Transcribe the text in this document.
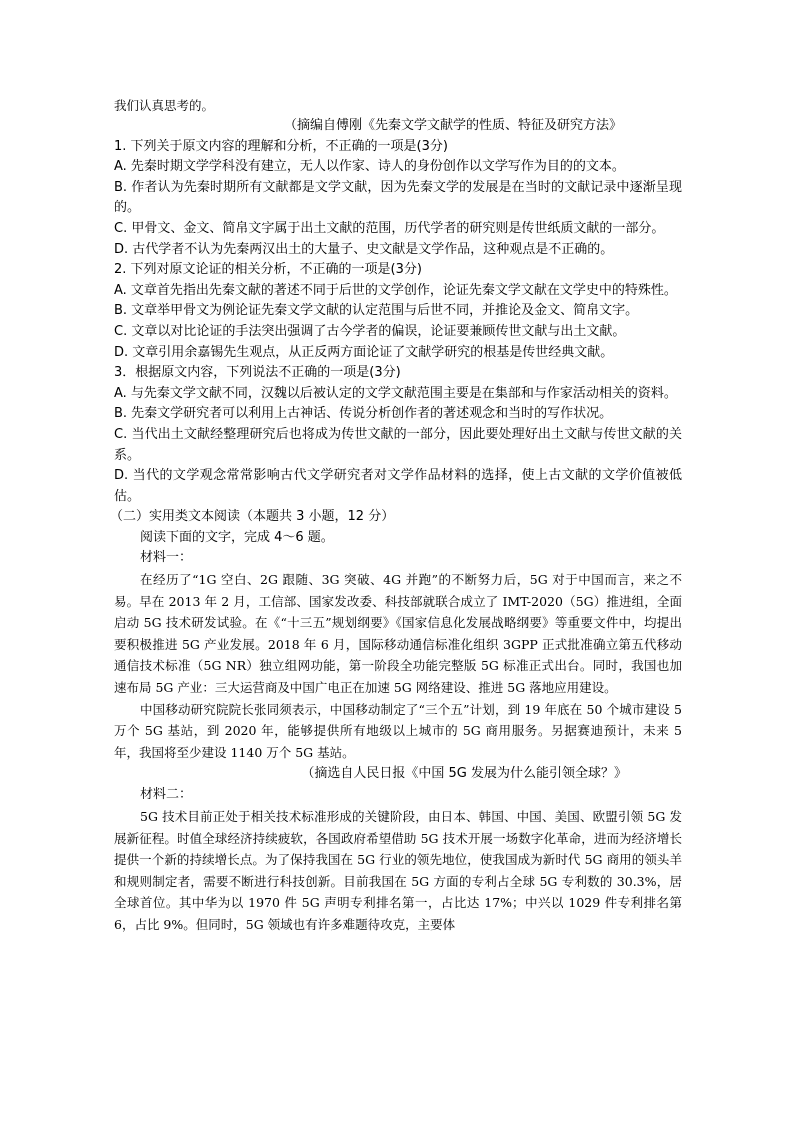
我们认真思考的。

（摘编自傅刚《先秦文学文献学的性质、特征及研究方法》

1. 下列关于原文内容的理解和分析，不正确的一项是(3分)

A. 先秦时期文学学科没有建立，无人以作家、诗人的身份创作以文学写作为目的的文本。

B. 作者认为先秦时期所有文献都是文学文献，因为先秦文学的发展是在当时的文献记录中逐渐呈现的。

C. 甲骨文、金文、简帛文字属于出土文献的范围，历代学者的研究则是传世纸质文献的一部分。

D. 古代学者不认为先秦两汉出土的大量子、史文献是文学作品，这种观点是不正确的。

2. 下列对原文论证的相关分析，不正确的一项是(3分)

A. 文章首先指出先秦文献的著述不同于后世的文学创作，论证先秦文学文献在文学史中的特殊性。

B. 文章举甲骨文为例论证先秦文学文献的认定范围与后世不同，并推论及金文、简帛文字。

C. 文章以对比论证的手法突出强调了古今学者的偏误，论证要兼顾传世文献与出土文献。

D. 文章引用余嘉锡先生观点，从正反两方面论证了文献学研究的根基是传世经典文献。

3．根据原文内容，下列说法不正确的一项是(3分)

A. 与先秦文学文献不同，汉魏以后被认定的文学文献范围主要是在集部和与作家活动相关的资料。

B. 先秦文学研究者可以利用上古神话、传说分析创作者的著述观念和当时的写作状况。

C. 当代出土文献经整理研究后也将成为传世文献的一部分，因此要处理好出土文献与传世文献的关系。

D. 当代的文学观念常常影响古代文学研究者对文学作品材料的选择，使上古文献的文学价值被低估。

（二）实用类文本阅读（本题共 3 小题，12 分）

阅读下面的文字，完成 4～6 题。

材料一：

在经历了“1G 空白、2G 跟随、3G 突破、4G 并跑”的不断努力后，5G 对于中国而言，来之不易。早在 2013 年 2 月，工信部、国家发改委、科技部就联合成立了 IMT-2020（5G）推进组，全面启动 5G 技术研发试验。在《“十三五”规划纲要》《国家信息化发展战略纲要》等重要文件中，均提出要积极推进 5G 产业发展。2018 年 6 月，国际移动通信标准化组织 3GPP 正式批准确立第五代移动通信技术标准（5G NR）独立组网功能，第一阶段全功能完整版 5G 标准正式出台。同时，我国也加速布局 5G 产业：三大运营商及中国广电正在加速 5G 网络建设、推进 5G 落地应用建设。

中国移动研究院院长张同须表示，中国移动制定了“三个五”计划，到 19 年底在 50 个城市建设 5 万个 5G 基站，到 2020 年，能够提供所有地级以上城市的 5G 商用服务。另据赛迪预计，未来 5 年，我国将至少建设 1140 万个 5G 基站。

（摘选自人民日报《中国 5G 发展为什么能引领全球？》

材料二：

5G 技术目前正处于相关技术标准形成的关键阶段，由日本、韩国、中国、美国、欧盟引领 5G 发展新征程。时值全球经济持续疲软，各国政府希望借助 5G 技术开展一场数字化革命，进而为经济增长提供一个新的持续增长点。为了保持我国在 5G 行业的领先地位，使我国成为新时代 5G 商用的领头羊和规则制定者，需要不断进行科技创新。目前我国在 5G 方面的专利占全球 5G 专利数的 30.3%，居全球首位。其中华为以 1970 件 5G 声明专利排名第一，占比达 17%；中兴以 1029 件专利排名第 6，占比 9%。但同时，5G 领域也有许多难题待攻克，主要体
